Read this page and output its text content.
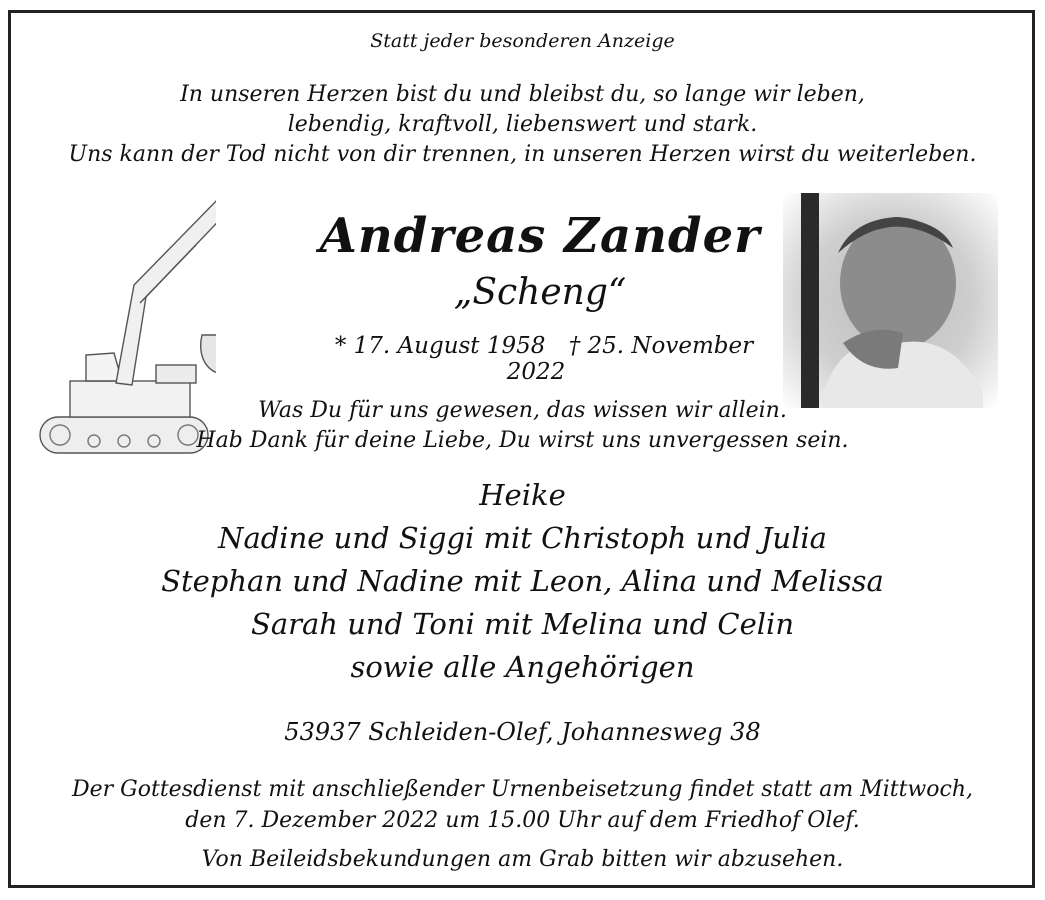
Statt jeder besonderen Anzeige
In unseren Herzen bist du und bleibst du, so lange wir leben,
lebendig, kraftvoll, liebenswert und stark.
Uns kann der Tod nicht von dir trennen, in unseren Herzen wirst du weiterleben.
Andreas Zander
„Scheng“
* 17. August 1958 † 25. November 2022
Was Du für uns gewesen, das wissen wir allein.
Hab Dank für deine Liebe, Du wirst uns unvergessen sein.
Heike
Nadine und Siggi mit Christoph und Julia
Stephan und Nadine mit Leon, Alina und Melissa
Sarah und Toni mit Melina und Celin
sowie alle Angehörigen
53937 Schleiden-Olef, Johannesweg 38
Der Gottesdienst mit anschließender Urnenbeisetzung findet statt am Mittwoch,
den 7. Dezember 2022 um 15.00 Uhr auf dem Friedhof Olef.
Von Beileidsbekundungen am Grab bitten wir abzusehen.
